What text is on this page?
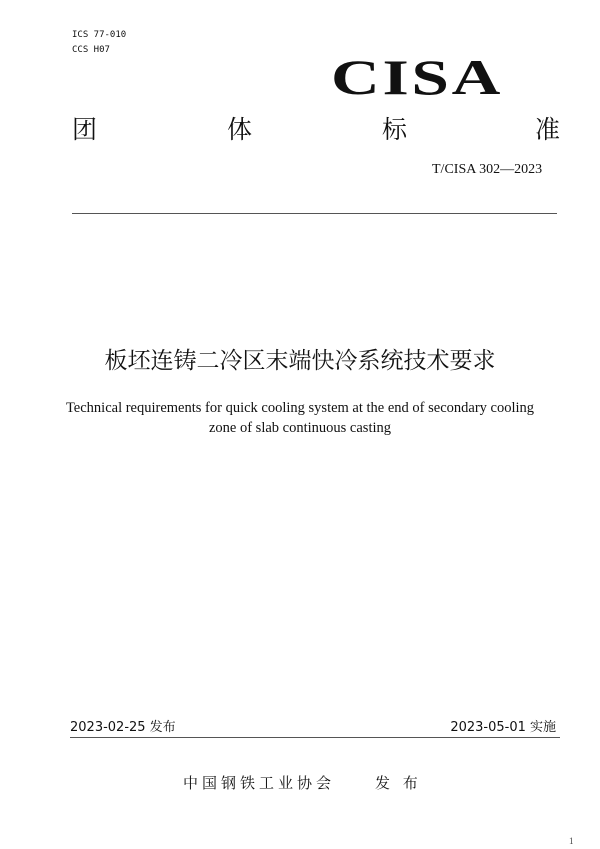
ICS 77-010
CCS H07	CISA
团	体	标	准
T/CISA 302—2023
板坯连铸二冷区末端快冷系统技术要求
Technical requirements for quick cooling system at the end of secondary cooling
zone of slab continuous casting
2023-02-25 发布	2023-05-01 实施
中国钢铁工业协会	发 布
1
